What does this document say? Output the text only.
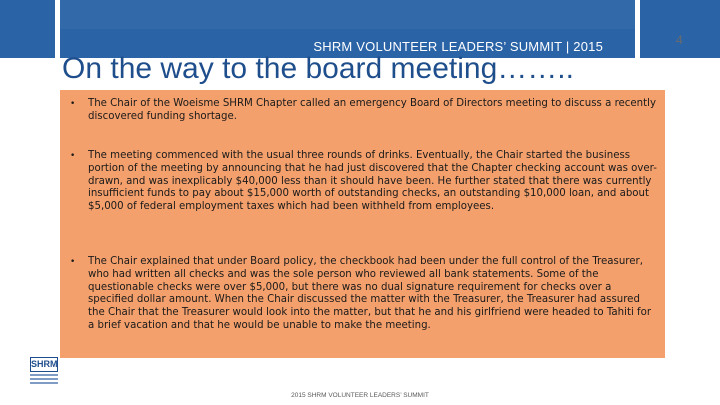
SHRM VOLUNTEER LEADERS’ SUMMIT | 2015	4
On the way to the board meeting……..
• The Chair of the Woeisme SHRM Chapter called an emergency Board of Directors meeting to discuss a recently discovered funding shortage.
• The meeting commenced with the usual three rounds of drinks. Eventually, the Chair started the business portion of the meeting by announcing that he had just discovered that the Chapter checking account was over-drawn, and was inexplicably $40,000 less than it should have been. He further stated that there was currently insufficient funds to pay about $15,000 worth of outstanding checks, an outstanding $10,000 loan, and about $5,000 of federal employment taxes which had been withheld from employees.
• The Chair explained that under Board policy, the checkbook had been under the full control of the Treasurer, who had written all checks and was the sole person who reviewed all bank statements. Some of the questionable checks were over $5,000, but there was no dual signature requirement for checks over a specified dollar amount. When the Chair discussed the matter with the Treasurer, the Treasurer had assured the Chair that the Treasurer would look into the matter, but that he and his girlfriend were headed to Tahiti for a brief vacation and that he would be unable to make the meeting.
SHRM
2015 SHRM VOLUNTEER LEADERS’ SUMMIT
